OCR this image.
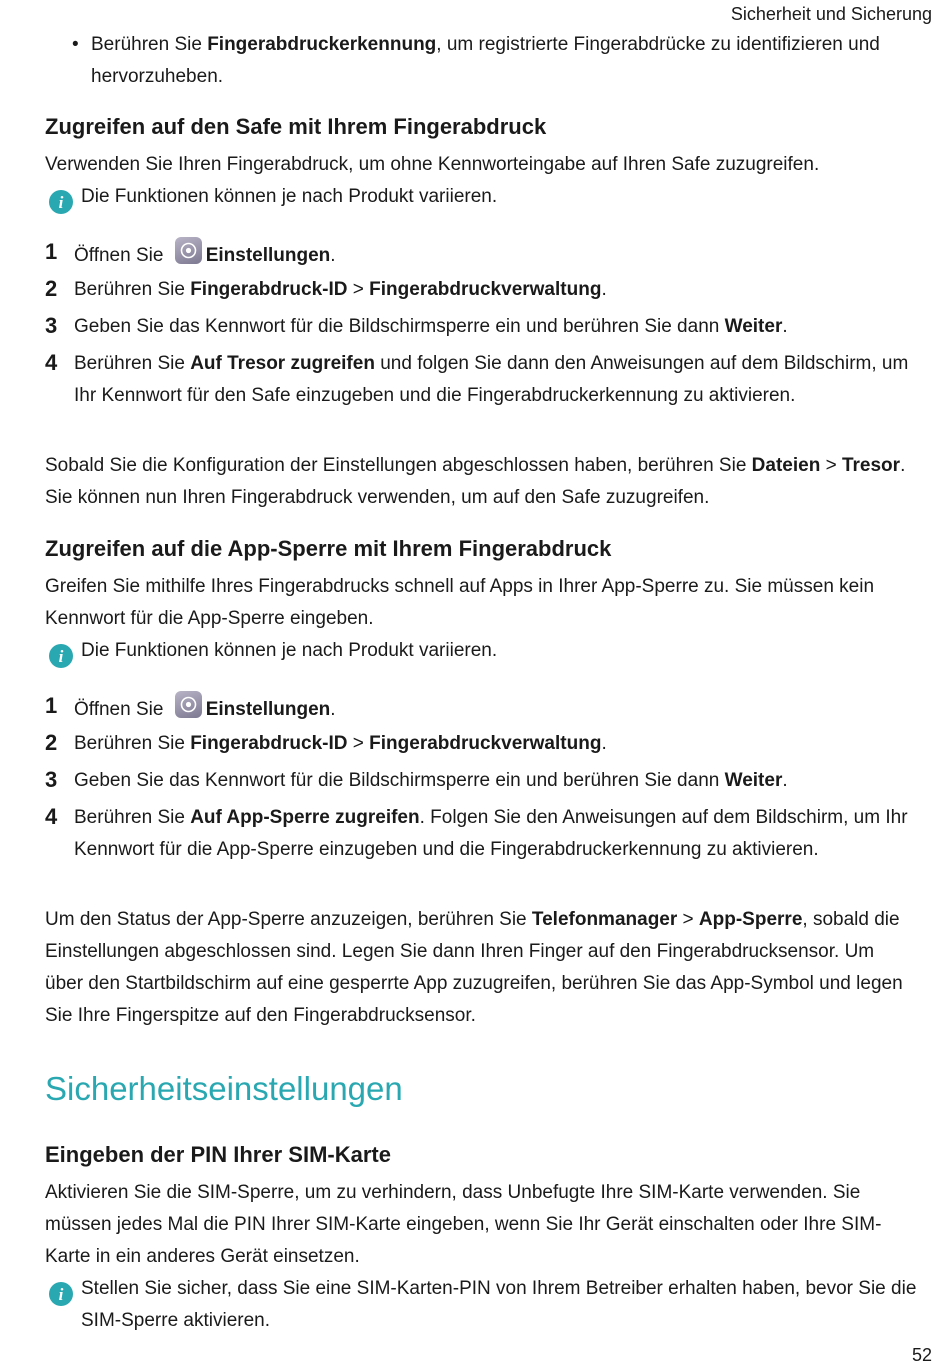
Sicherheit und Sicherung
• Berühren Sie Fingerabdruckerkennung, um registrierte Fingerabdrücke zu identifizieren und hervorzuheben.
Zugreifen auf den Safe mit Ihrem Fingerabdruck
Verwenden Sie Ihren Fingerabdruck, um ohne Kennworteingabe auf Ihren Safe zuzugreifen.
i Die Funktionen können je nach Produkt variieren.
1 Öffnen Sie
Einstellungen.
2 Berühren Sie Fingerabdruck-ID > Fingerabdruckverwaltung.
3 Geben Sie das Kennwort für die Bildschirmsperre ein und berühren Sie dann Weiter.
4 Berühren Sie Auf Tresor zugreifen und folgen Sie dann den Anweisungen auf dem Bildschirm, um Ihr Kennwort für den Safe einzugeben und die Fingerabdruckerkennung zu aktivieren.
Sobald Sie die Konfiguration der Einstellungen abgeschlossen haben, berühren Sie Dateien > Tresor. Sie können nun Ihren Fingerabdruck verwenden, um auf den Safe zuzugreifen.
Zugreifen auf die App-Sperre mit Ihrem Fingerabdruck
Greifen Sie mithilfe Ihres Fingerabdrucks schnell auf Apps in Ihrer App-Sperre zu. Sie müssen kein Kennwort für die App-Sperre eingeben.
i Die Funktionen können je nach Produkt variieren.
1 Öffnen Sie
Einstellungen.
2 Berühren Sie Fingerabdruck-ID > Fingerabdruckverwaltung.
3 Geben Sie das Kennwort für die Bildschirmsperre ein und berühren Sie dann Weiter.
4 Berühren Sie Auf App-Sperre zugreifen. Folgen Sie den Anweisungen auf dem Bildschirm, um Ihr Kennwort für die App-Sperre einzugeben und die Fingerabdruckerkennung zu aktivieren.
Um den Status der App-Sperre anzuzeigen, berühren Sie Telefonmanager > App-Sperre, sobald die Einstellungen abgeschlossen sind. Legen Sie dann Ihren Finger auf den Fingerabdrucksensor. Um über den Startbildschirm auf eine gesperrte App zuzugreifen, berühren Sie das App-Symbol und legen Sie Ihre Fingerspitze auf den Fingerabdrucksensor.
Sicherheitseinstellungen
Eingeben der PIN Ihrer SIM-Karte
Aktivieren Sie die SIM-Sperre, um zu verhindern, dass Unbefugte Ihre SIM-Karte verwenden. Sie müssen jedes Mal die PIN Ihrer SIM-Karte eingeben, wenn Sie Ihr Gerät einschalten oder Ihre SIM-Karte in ein anderes Gerät einsetzen.
i Stellen Sie sicher, dass Sie eine SIM-Karten-PIN von Ihrem Betreiber erhalten haben, bevor Sie die SIM-Sperre aktivieren.
52
